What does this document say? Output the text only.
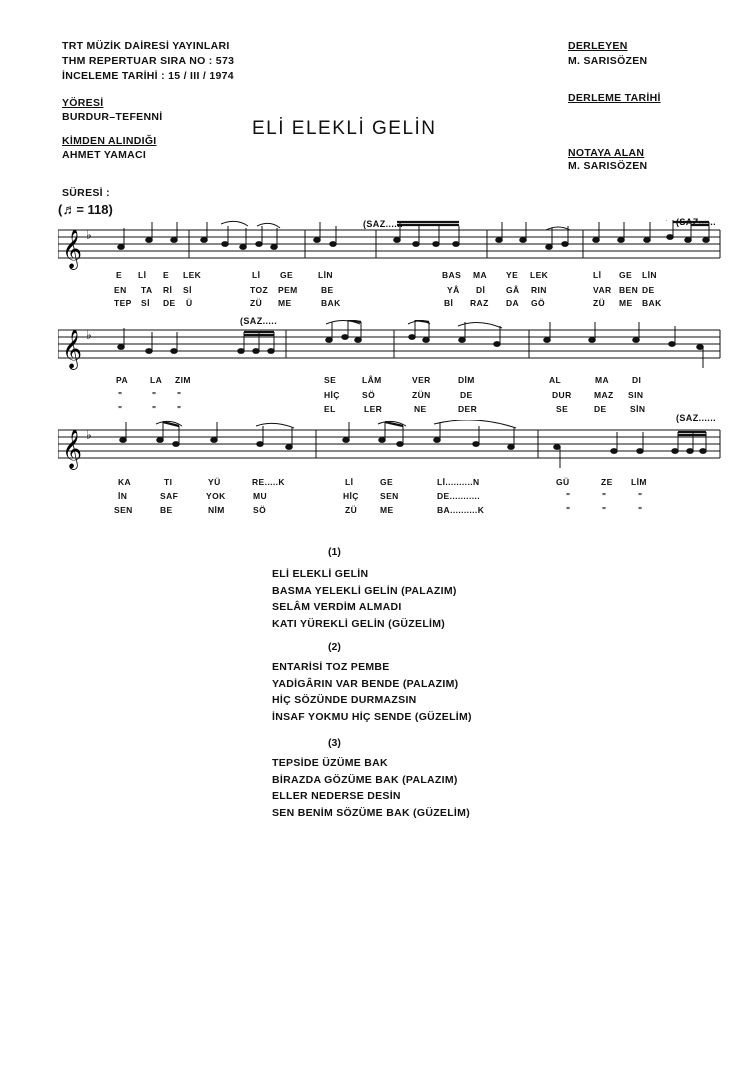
TRT MÜZİK DAİRESİ YAYINLARI
THM REPERTUAR SIRA NO : 573
İNCELEME TARİHİ : 15 / III / 1974
YÖRESİ
BURDUR–TEFENNİ
KİMDEN ALINDIĞI
AHMET YAMACI
DERLEYEN
M. SARISÖZEN
DERLEME TARİHİ
NOTAYA ALAN
M. SARISÖZEN
ELİ ELEKLİ GELİN
SÜRESİ :
(♬= 118)
𝄞 ♭
E Lİ E LEK	Lİ GE	LİN	BAS MA YE LEK	Lİ GE LİN
EN TA Rİ Sİ	TOZ PEM	BE	YÂ Dİ GÂ RIN	VAR BEN DE
TEP Sİ DE Ü	ZÜ ME	BAK	Bİ RAZ DA GÖ	ZÜ ME BAK
(SAZ......	(SAZ......
𝄞 ♭
(SAZ.....
PA	LA ZIM	SE	LÂM	VER	DİM	AL	MA	DI
"	" "	HİÇ	SÖ	ZÜN	DE	DUR	MAZ SIN
"	" "	EL	LER	NE	DER	SE	DE	SİN
𝄞 ♭
(SAZ......
KA	TI	YÜ	RE.....K	Lİ	GE	Lİ..........N	GÜ	ZE LİM
İN	SAF	YOK	MU	HİÇ SEN	DE...........	"	"	"
SEN	BE	NİM	SÖ	ZÜ	ME	BA..........K	"	"	"
(1)
ELİ ELEKLİ GELİN
BASMA YELEKLİ GELİN (PALAZIM)
SELÂM VERDİM ALMADI
KATI YÜREKLİ GELİN (GÜZELİM)
(2)
ENTARİSİ TOZ PEMBE
YADİGÂRIN VAR BENDE (PALAZIM)
HİÇ SÖZÜNDE DURMAZSIN
İNSAF YOKMU HİÇ SENDE (GÜZELİM)
(3)
TEPSİDE ÜZÜME BAK
BİRAZDA GÖZÜME BAK (PALAZIM)
ELLER NEDERSE DESİN
SEN BENİM SÖZÜME BAK (GÜZELİM)
